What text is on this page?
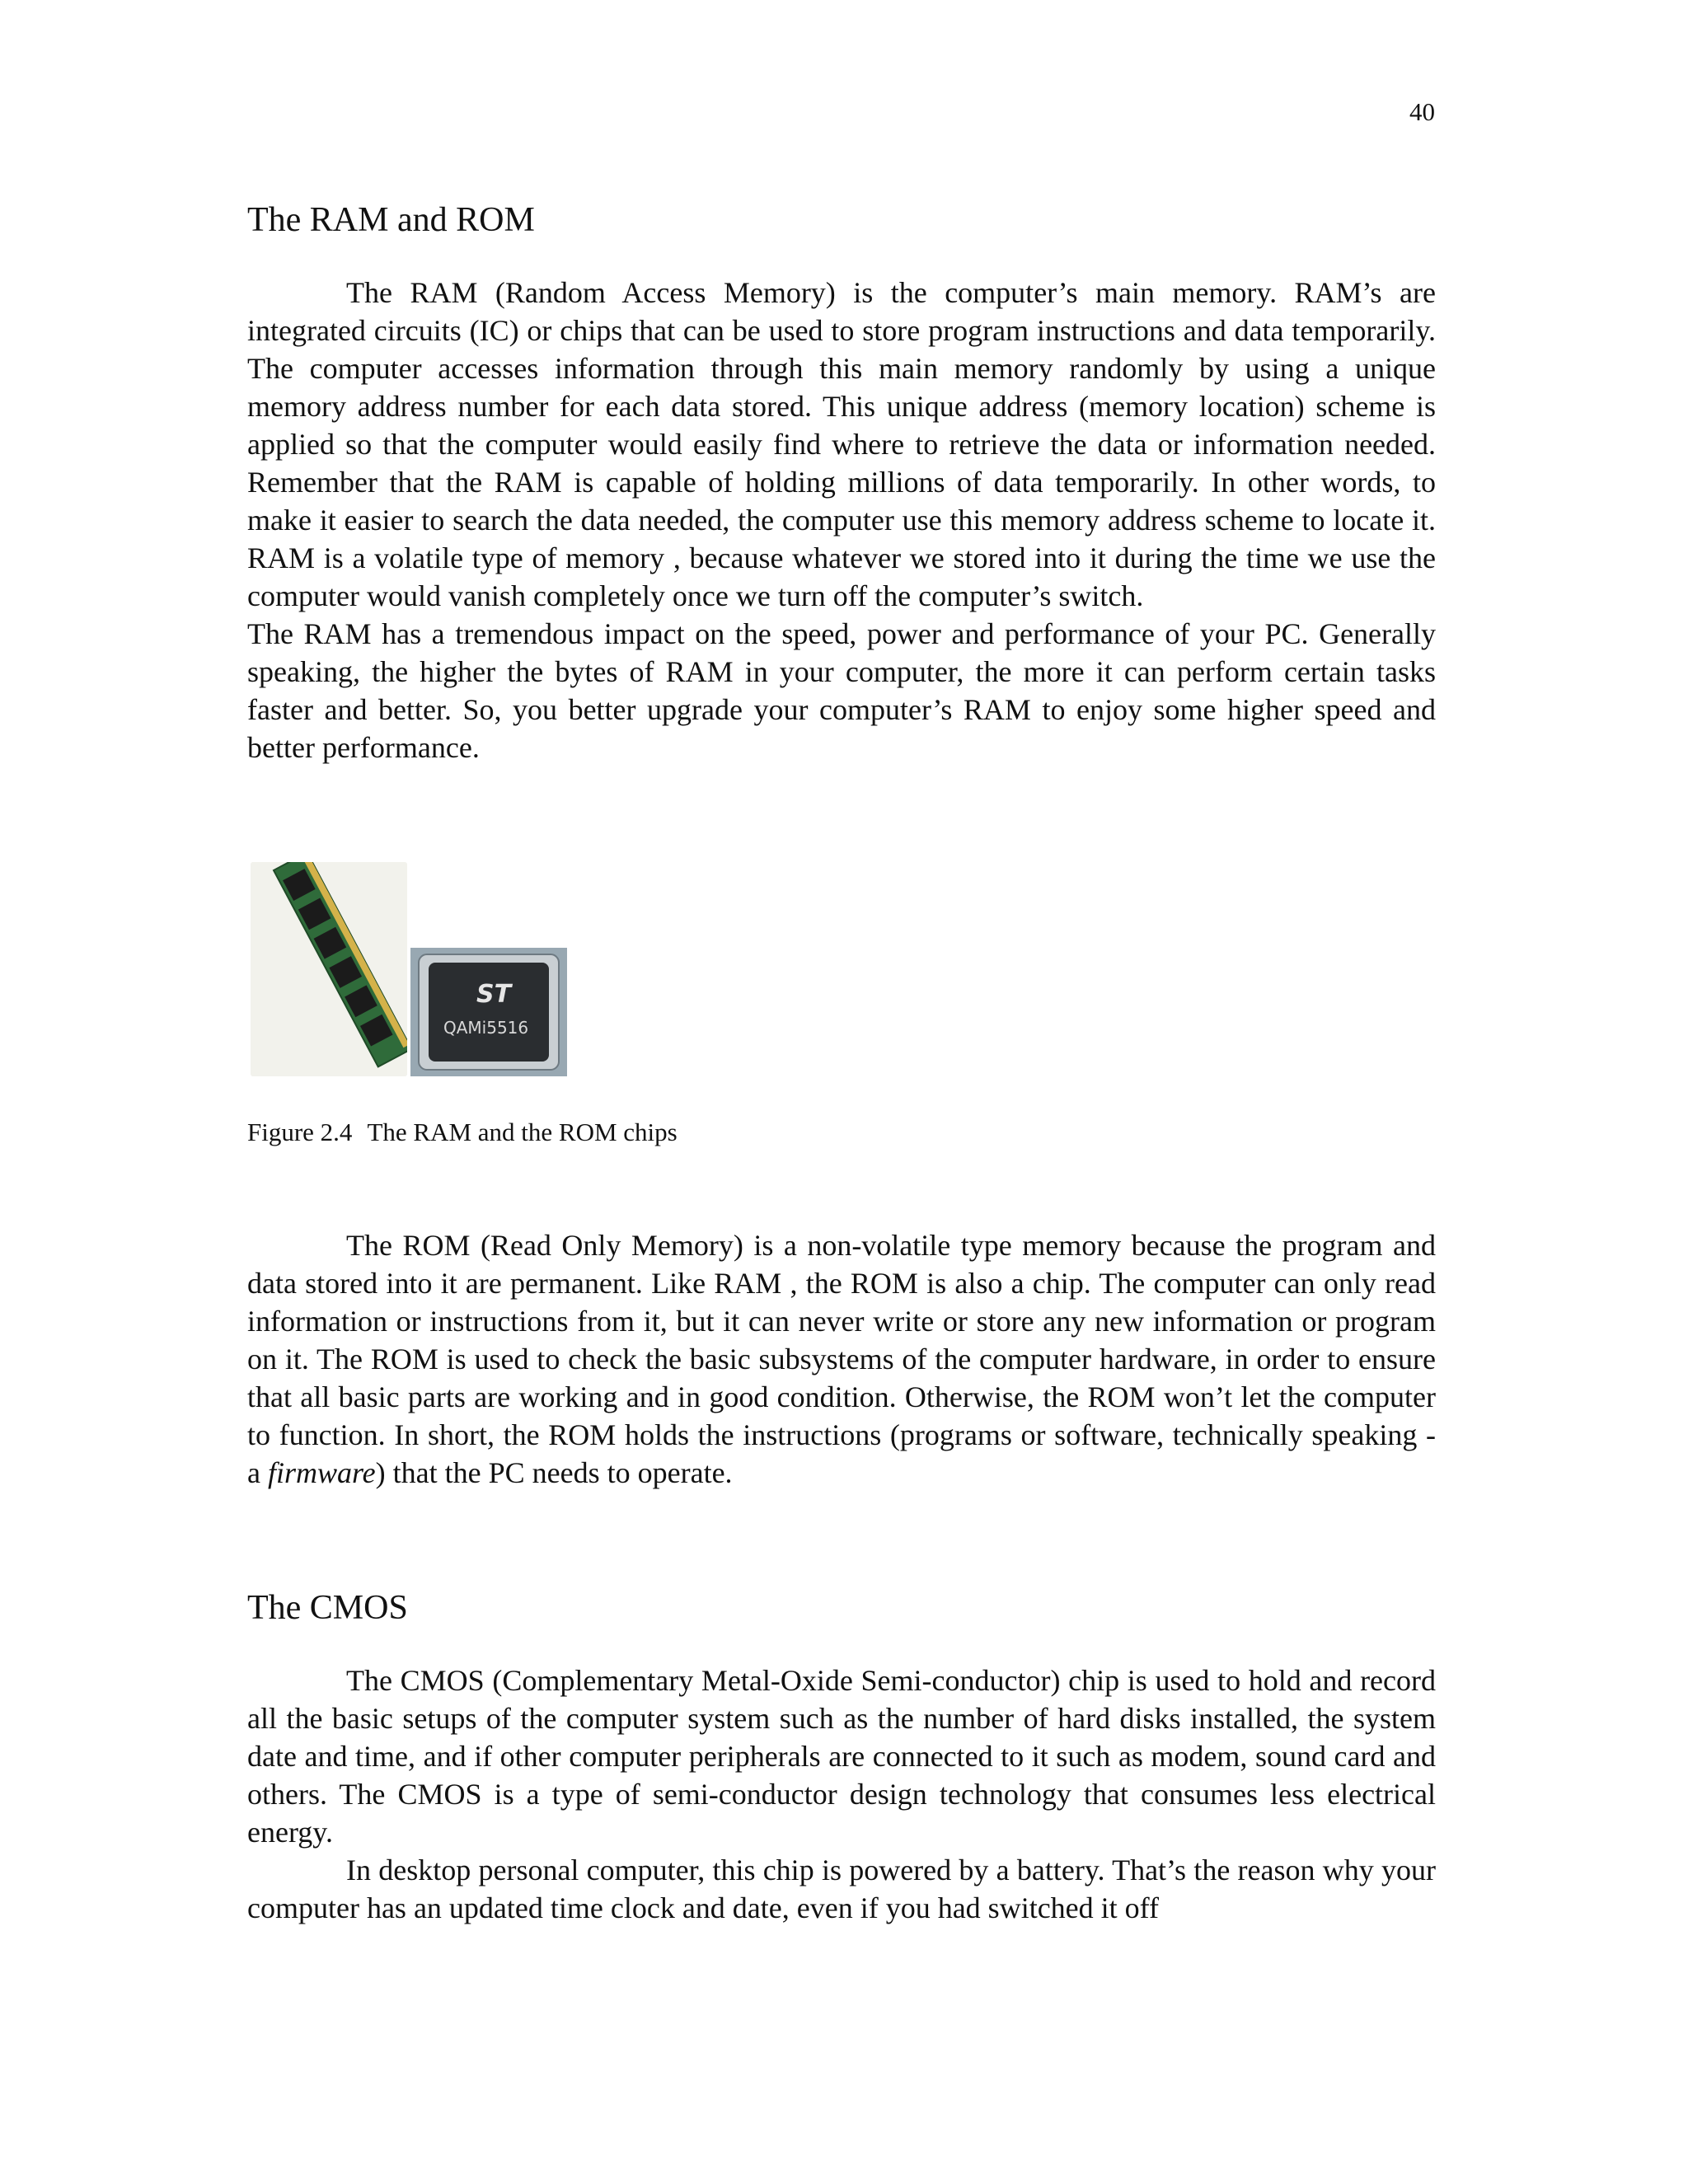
40
The RAM and ROM

The RAM (Random Access Memory) is the computer’s main memory. RAM’s are integrated circuits (IC) or chips that can be used to store program instructions and data temporarily. The computer accesses information through this main memory randomly by using a unique memory address number for each data stored. This unique address (memory location) scheme is applied so that the computer would easily find where to retrieve the data or information needed. Remember that the RAM is capable of holding millions of data temporarily. In other words, to make it easier to search the data needed, the computer use this memory address scheme to locate it. RAM is a volatile type of memory , because whatever we stored into it during the time we use the computer would vanish completely once we turn off the computer’s switch.

The RAM has a tremendous impact on the speed, power and performance of your PC. Generally speaking, the higher the bytes of RAM in your computer, the more it can perform certain tasks faster and better. So, you better upgrade your computer’s RAM to enjoy some higher speed and better performance.

ST
QAMi5516
Figure 2.4 The RAM and the ROM chips

The ROM (Read Only Memory) is a non-volatile type memory because the program and data stored into it are permanent. Like RAM , the ROM is also a chip. The computer can only read information or instructions from it, but it can never write or store any new information or program on it. The ROM is used to check the basic subsystems of the computer hardware, in order to ensure that all basic parts are working and in good condition. Otherwise, the ROM won’t let the computer to function. In short, the ROM holds the instructions (programs or software, technically speaking - a firmware) that the PC needs to operate.

The CMOS

The CMOS (Complementary Metal-Oxide Semi-conductor) chip is used to hold and record all the basic setups of the computer system such as the number of hard disks installed, the system date and time, and if other computer peripherals are connected to it such as modem, sound card and others. The CMOS is a type of semi-conductor design technology that consumes less electrical energy.

In desktop personal computer, this chip is powered by a battery. That’s the reason why your computer has an updated time clock and date, even if you had switched it off
